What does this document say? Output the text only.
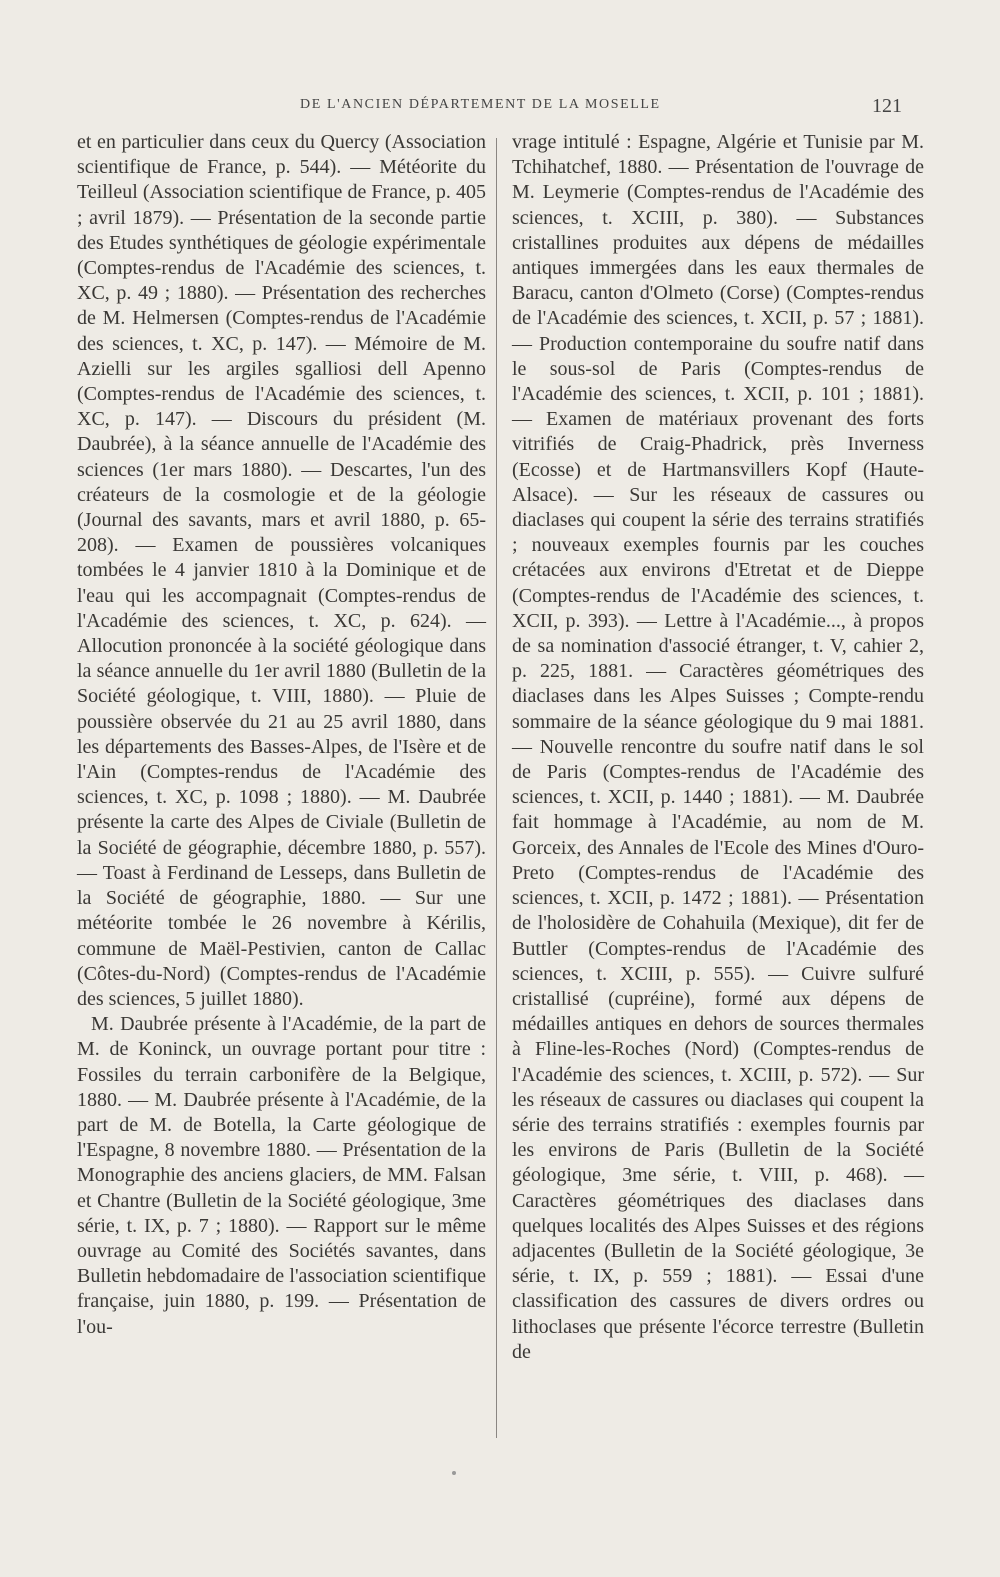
DE L'ANCIEN DÉPARTEMENT DE LA MOSELLE	121

et en particulier dans ceux du Quercy (Association scientifique de France, p. 544). — Météorite du Teilleul (Association scientifique de France, p. 405 ; avril 1879). — Présentation de la seconde partie des Etudes synthétiques de géologie expérimentale (Comptes-rendus de l'Académie des sciences, t. XC, p. 49 ; 1880). — Présentation des recherches de M. Helmersen (Comptes-rendus de l'Académie des sciences, t. XC, p. 147). — Mémoire de M. Azielli sur les argiles sgalliosi dell Apenno (Comptes-rendus de l'Académie des sciences, t. XC, p. 147). — Discours du président (M. Daubrée), à la séance annuelle de l'Académie des sciences (1er mars 1880). — Descartes, l'un des créateurs de la cosmologie et de la géologie (Journal des savants, mars et avril 1880, p. 65-208). — Examen de poussières volcaniques tombées le 4 janvier 1810 à la Dominique et de l'eau qui les accompagnait (Comptes-rendus de l'Académie des sciences, t. XC, p. 624). — Allocution prononcée à la société géologique dans la séance annuelle du 1er avril 1880 (Bulletin de la Société géologique, t. VIII, 1880). — Pluie de poussière observée du 21 au 25 avril 1880, dans les départements des Basses-Alpes, de l'Isère et de l'Ain (Comptes-rendus de l'Académie des sciences, t. XC, p. 1098 ; 1880). — M. Daubrée présente la carte des Alpes de Civiale (Bulletin de la Société de géographie, décembre 1880, p. 557). — Toast à Ferdinand de Lesseps, dans Bulletin de la Société de géographie, 1880. — Sur une météorite tombée le 26 novembre à Kérilis, commune de Maël-Pestivien, canton de Callac (Côtes-du-Nord) (Comptes-rendus de l'Académie des sciences, 5 juillet 1880).

M. Daubrée présente à l'Académie, de la part de M. de Koninck, un ouvrage portant pour titre : Fossiles du terrain carbonifère de la Belgique, 1880. — M. Daubrée présente à l'Académie, de la part de M. de Botella, la Carte géologique de l'Espagne, 8 novembre 1880. — Présentation de la Monographie des anciens glaciers, de MM. Falsan et Chantre (Bulletin de la Société géologique, 3me série, t. IX, p. 7 ; 1880). — Rapport sur le même ouvrage au Comité des Sociétés savantes, dans Bulletin hebdomadaire de l'association scientifique française, juin 1880, p. 199. — Présentation de l'ou-

vrage intitulé : Espagne, Algérie et Tunisie par M. Tchihatchef, 1880. — Présentation de l'ouvrage de M. Leymerie (Comptes-rendus de l'Académie des sciences, t. XCIII, p. 380). — Substances cristallines produites aux dépens de médailles antiques immergées dans les eaux thermales de Baracu, canton d'Olmeto (Corse) (Comptes-rendus de l'Académie des sciences, t. XCII, p. 57 ; 1881). — Production contemporaine du soufre natif dans le sous-sol de Paris (Comptes-rendus de l'Académie des sciences, t. XCII, p. 101 ; 1881). — Examen de matériaux provenant des forts vitrifiés de Craig-Phadrick, près Inverness (Ecosse) et de Hartmansvillers Kopf (Haute-Alsace). — Sur les réseaux de cassures ou diaclases qui coupent la série des terrains stratifiés ; nouveaux exemples fournis par les couches crétacées aux environs d'Etretat et de Dieppe (Comptes-rendus de l'Académie des sciences, t. XCII, p. 393). — Lettre à l'Académie..., à propos de sa nomination d'associé étranger, t. V, cahier 2, p. 225, 1881. — Caractères géométriques des diaclases dans les Alpes Suisses ; Compte-rendu sommaire de la séance géologique du 9 mai 1881. — Nouvelle rencontre du soufre natif dans le sol de Paris (Comptes-rendus de l'Académie des sciences, t. XCII, p. 1440 ; 1881). — M. Daubrée fait hommage à l'Académie, au nom de M. Gorceix, des Annales de l'Ecole des Mines d'Ouro-Preto (Comptes-rendus de l'Académie des sciences, t. XCII, p. 1472 ; 1881). — Présentation de l'holosidère de Cohahuila (Mexique), dit fer de Buttler (Comptes-rendus de l'Académie des sciences, t. XCIII, p. 555). — Cuivre sulfuré cristallisé (cupréine), formé aux dépens de médailles antiques en dehors de sources thermales à Fline-les-Roches (Nord) (Comptes-rendus de l'Académie des sciences, t. XCIII, p. 572). — Sur les réseaux de cassures ou diaclases qui coupent la série des terrains stratifiés : exemples fournis par les environs de Paris (Bulletin de la Société géologique, 3me série, t. VIII, p. 468). — Caractères géométriques des diaclases dans quelques localités des Alpes Suisses et des régions adjacentes (Bulletin de la Société géologique, 3e série, t. IX, p. 559 ; 1881). — Essai d'une classification des cassures de divers ordres ou lithoclases que présente l'écorce terrestre (Bulletin de
